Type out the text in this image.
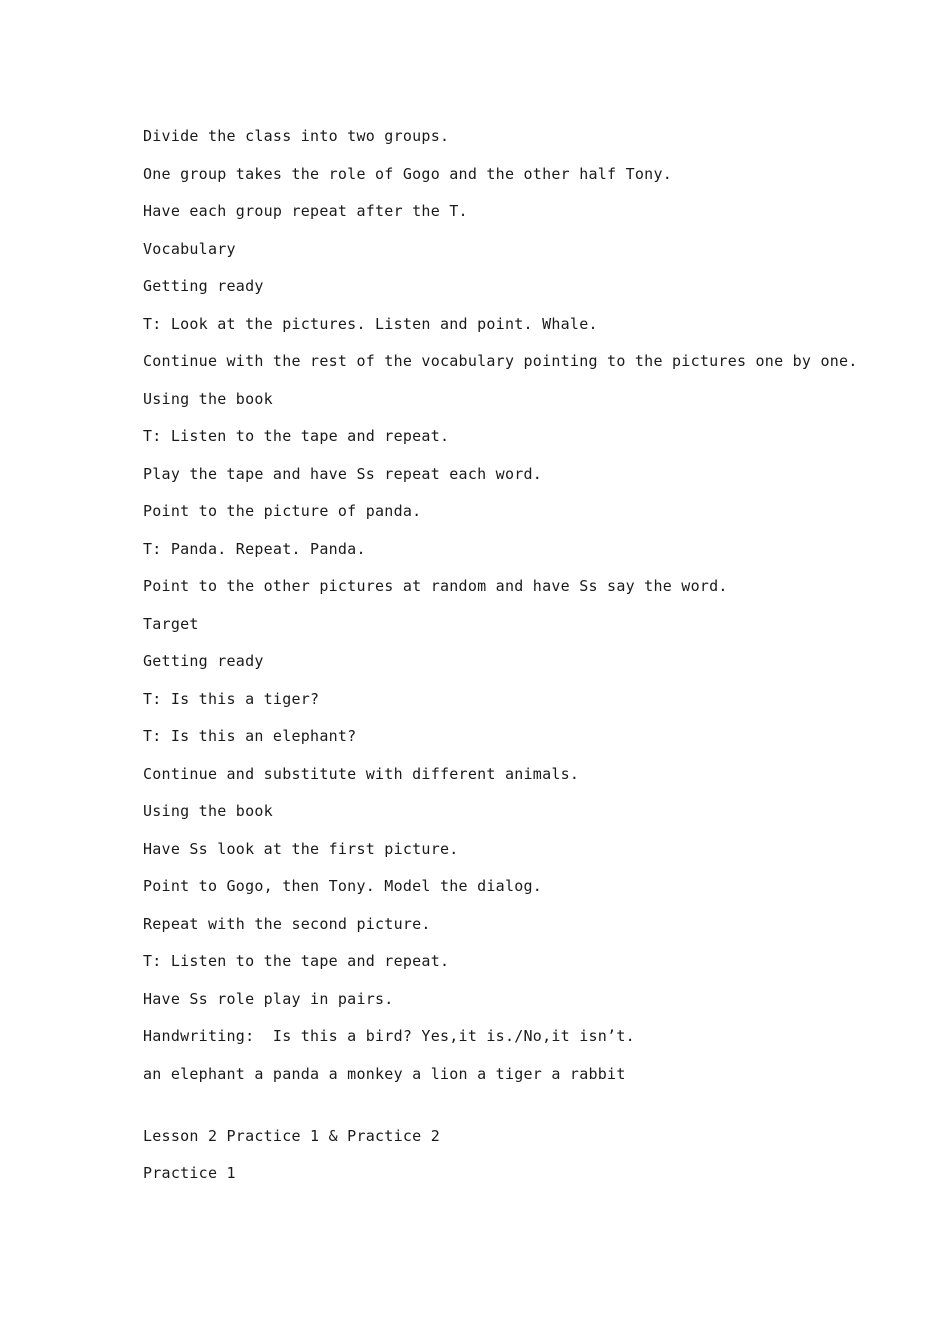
Divide the class into two groups.
One group takes the role of Gogo and the other half Tony.
Have each group repeat after the T.
Vocabulary
Getting ready
T: Look at the pictures. Listen and point. Whale.
Continue with the rest of the vocabulary pointing to the pictures one by one.
Using the book
T: Listen to the tape and repeat.
Play the tape and have Ss repeat each word.
Point to the picture of panda.
T: Panda. Repeat. Panda.
Point to the other pictures at random and have Ss say the word.
Target
Getting ready
T: Is this a tiger?
T: Is this an elephant?
Continue and substitute with different animals.
Using the book
Have Ss look at the first picture.
Point to Gogo, then Tony. Model the dialog.
Repeat with the second picture.
T: Listen to the tape and repeat.
Have Ss role play in pairs.
Handwriting:  Is this a bird? Yes,it is./No,it isn’t.
an elephant a panda a monkey a lion a tiger a rabbit
Lesson 2 Practice 1 & Practice 2
Practice 1
